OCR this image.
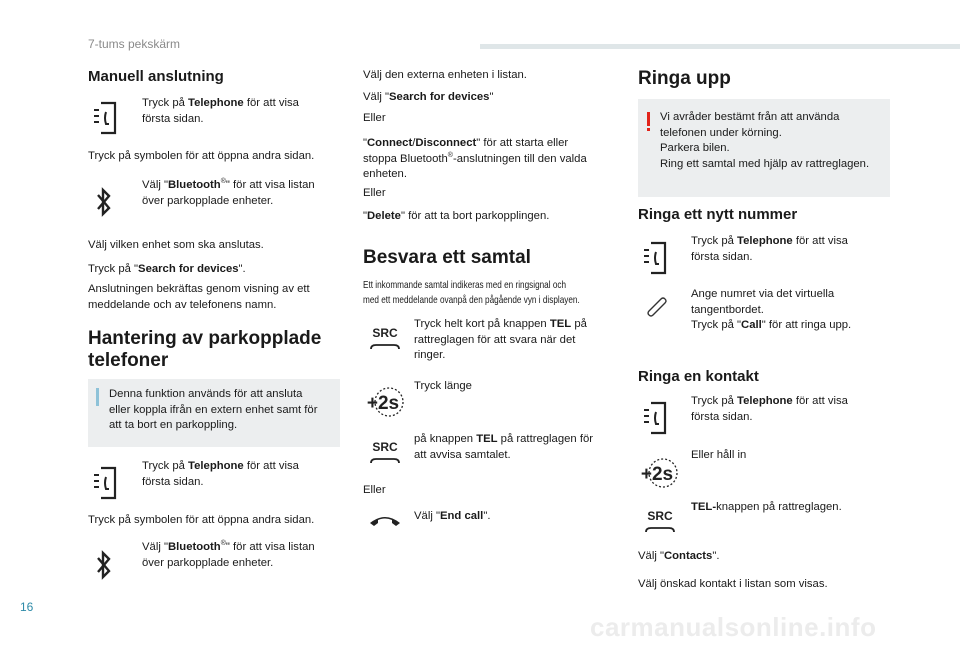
7-tums pekskärm
Manuell anslutning
Tryck på Telephone för att visa
första sidan.
Tryck på symbolen för att öppna andra sidan.
Välj "Bluetooth®" för att visa listan
över parkopplade enheter.
Välj vilken enhet som ska anslutas.
Tryck på "Search for devices".
Anslutningen bekräftas genom visning av ett
meddelande och av telefonens namn.
Hantering av parkopplade
telefoner
Denna funktion används för att ansluta
eller koppla ifrån en extern enhet samt för
att ta bort en parkoppling.
Tryck på Telephone för att visa
första sidan.
Tryck på symbolen för att öppna andra sidan.
Välj "Bluetooth®" för att visa listan
över parkopplade enheter.
Välj den externa enheten i listan.
Välj "Search for devices"
Eller
"Connect/Disconnect" för att starta eller
stoppa Bluetooth®-anslutningen till den valda
enheten.
Eller
"Delete" för att ta bort parkopplingen.
Besvara ett samtal
Ett inkommande samtal indikeras med en ringsignal och
med ett meddelande ovanpå den pågående vyn i displayen.
SRC
Tryck helt kort på knappen TEL på
rattreglagen för att svara när det
ringer.
+2s
Tryck länge
SRC
på knappen TEL på rattreglagen för
att avvisa samtalet.
Eller
Välj "End call".
Ringa upp
Vi avråder bestämt från att använda
telefonen under körning.
Parkera bilen.
Ring ett samtal med hjälp av rattreglagen.
Ringa ett nytt nummer
Tryck på Telephone för att visa
första sidan.
Ange numret via det virtuella
tangentbordet.
Tryck på "Call" för att ringa upp.
Ringa en kontakt
Tryck på Telephone för att visa
första sidan.
+2s
Eller håll in
SRC
TEL-knappen på rattreglagen.
Välj "Contacts".
Välj önskad kontakt i listan som visas.
16
carmanualsonline.info
